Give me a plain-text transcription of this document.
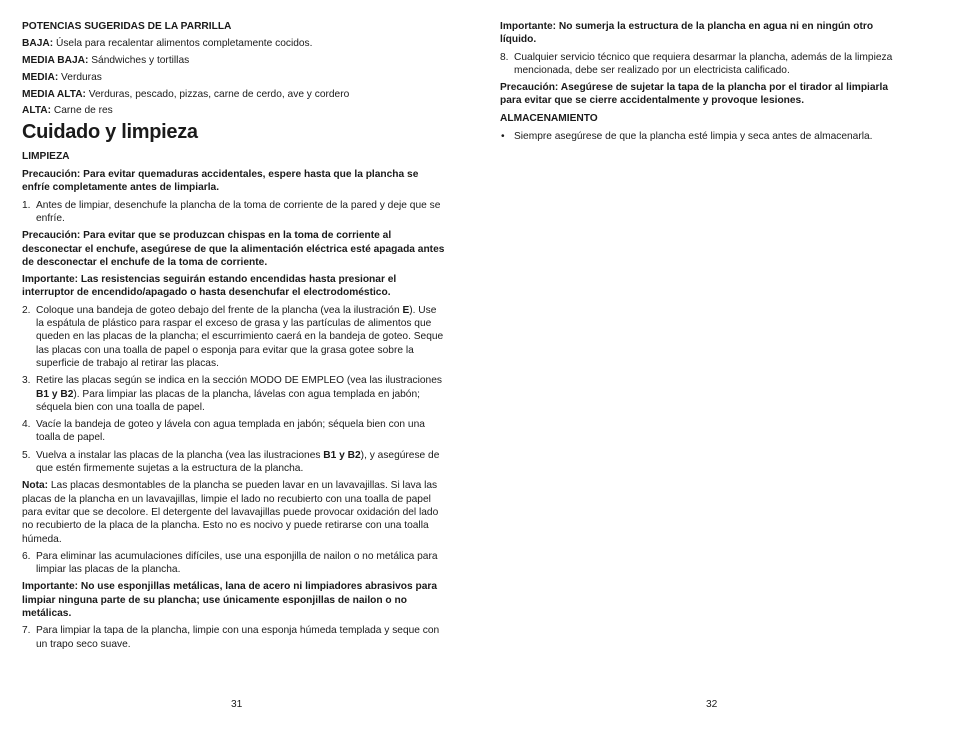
POTENCIAS SUGERIDAS DE LA PARRILLA

BAJA: Úsela para recalentar alimentos completamente cocidos.

MEDIA BAJA: Sándwiches y tortillas

MEDIA: Verduras

MEDIA ALTA: Verduras, pescado, pizzas, carne de cerdo, ave y cordero

ALTA: Carne de res

Cuidado y limpieza

LIMPIEZA

Precaución: Para evitar quemaduras accidentales, espere hasta que la plancha se enfríe completamente antes de limpiarla.

1. Antes de limpiar, desenchufe la plancha de la toma de corriente de la pared y deje que se enfríe.

Precaución: Para evitar que se produzcan chispas en la toma de corriente al desconectar el enchufe, asegúrese de que la alimentación eléctrica esté apagada antes de desconectar el enchufe de la toma de corriente.

Importante: Las resistencias seguirán estando encendidas hasta presionar el interruptor de encendido/apagado o hasta desenchufar el electrodoméstico.

2. Coloque una bandeja de goteo debajo del frente de la plancha (vea la ilustración E). Use la espátula de plástico para raspar el exceso de grasa y las partículas de alimentos que queden en las placas de la plancha; el escurrimiento caerá en la bandeja de goteo. Seque las placas con una toalla de papel o esponja para evitar que la grasa gotee sobre la superficie de trabajo al retirar las placas.

3. Retire las placas según se indica en la sección MODO DE EMPLEO (vea las ilustraciones B1 y B2). Para limpiar las placas de la plancha, lávelas con agua templada en jabón; séquela bien con una toalla de papel.

4. Vacíe la bandeja de goteo y lávela con agua templada en jabón; séquela bien con una toalla de papel.

5. Vuelva a instalar las placas de la plancha (vea las ilustraciones B1 y B2), y asegúrese de que estén firmemente sujetas a la estructura de la plancha.

Nota: Las placas desmontables de la plancha se pueden lavar en un lavavajillas. Si lava las placas de la plancha en un lavavajillas, limpie el lado no recubierto con una toalla de papel para evitar que se decolore. El detergente del lavavajillas puede provocar oxidación del lado no recubierto de la placa de la plancha. Esto no es nocivo y puede retirarse con una toalla húmeda.

6. Para eliminar las acumulaciones difíciles, use una esponjilla de nailon o no metálica para limpiar las placas de la plancha.

Importante: No use esponjillas metálicas, lana de acero ni limpiadores abrasivos para limpiar ninguna parte de su plancha; use únicamente esponjillas de nailon o no metálicas.

7. Para limpiar la tapa de la plancha, limpie con una esponja húmeda templada y seque con un trapo seco suave.

Importante: No sumerja la estructura de la plancha en agua ni en ningún otro líquido.

8. Cualquier servicio técnico que requiera desarmar la plancha, además de la limpieza mencionada, debe ser realizado por un electricista calificado.

Precaución: Asegúrese de sujetar la tapa de la plancha por el tirador al limpiarla para evitar que se cierre accidentalmente y provoque lesiones.

ALMACENAMIENTO

• Siempre asegúrese de que la plancha esté limpia y seca antes de almacenarla.

31	32
